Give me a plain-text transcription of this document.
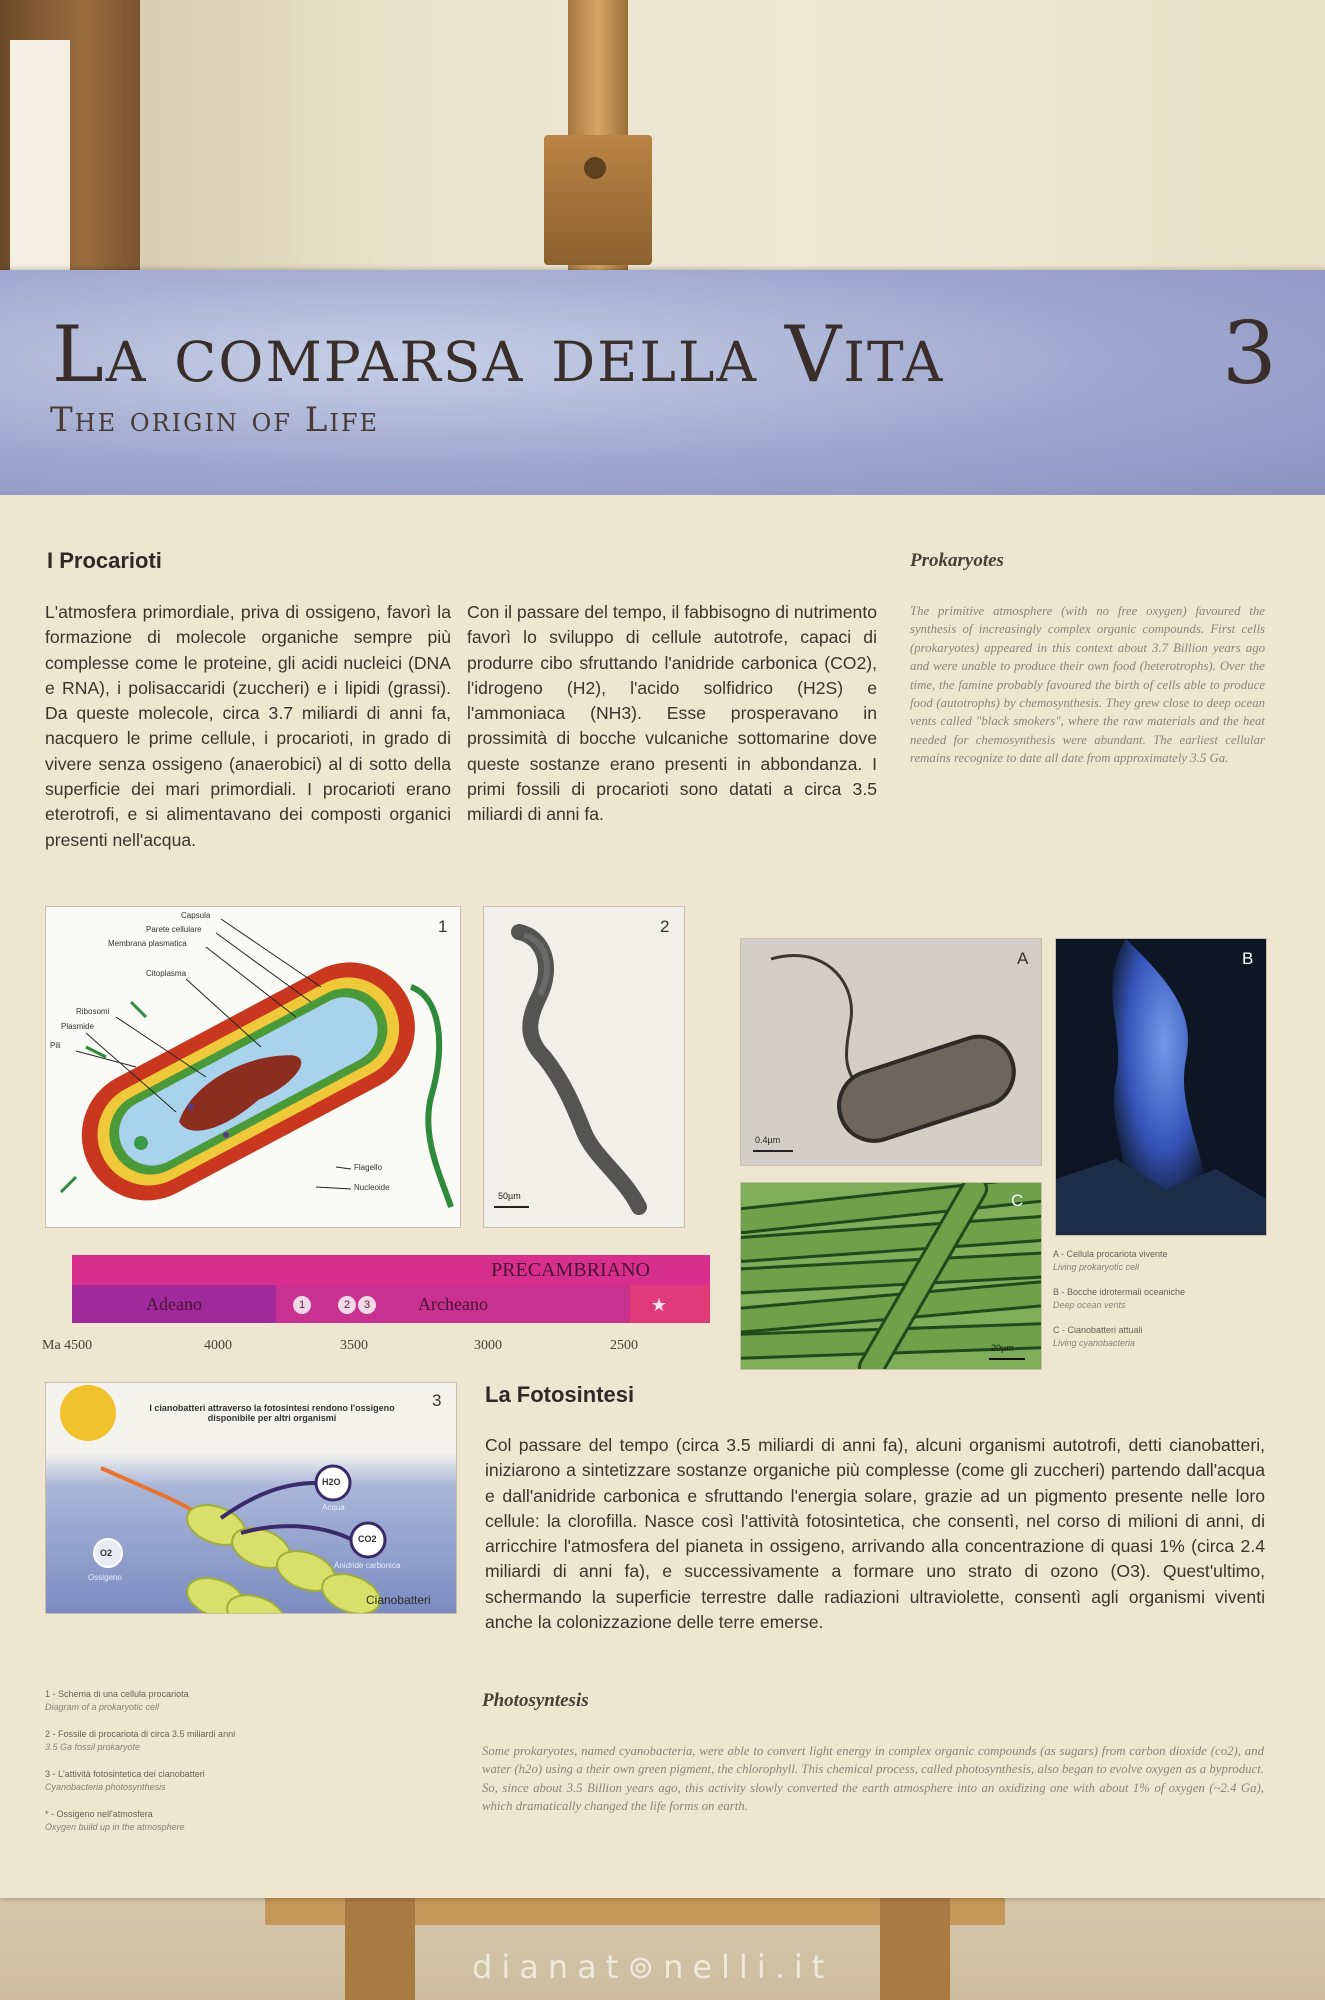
La comparsa della Vita	3
The origin of Life
I Procarioti
L'atmosfera primordiale, priva di ossigeno, favorì la formazione di molecole organiche sempre più complesse come le proteine, gli acidi nucleici (DNA e RNA), i polisaccaridi (zuccheri) e i lipidi (grassi). Da queste molecole, circa 3.7 miliardi di anni fa, nacquero le prime cellule, i procarioti, in grado di vivere senza ossigeno (anaerobici) al di sotto della superficie dei mari primordiali. I procarioti erano eterotrofi, e si alimentavano dei composti organici presenti nell'acqua.
Con il passare del tempo, il fabbisogno di nutrimento favorì lo sviluppo di cellule autotrofe, capaci di produrre cibo sfruttando l'anidride carbonica (CO2), l'idrogeno (H2), l'acido solfidrico (H2S) e l'ammoniaca (NH3). Esse prosperavano in prossimità di bocche vulcaniche sottomarine dove queste sostanze erano presenti in abbondanza. I primi fossili di procarioti sono datati a circa 3.5 miliardi di anni fa.
Prokaryotes
The primitive atmosphere (with no free oxygen) favoured the synthesis of increasingly complex organic compounds. First cells (prokaryotes) appeared in this context about 3.7 Billion years ago and were unable to produce their own food (heterotrophs). Over the time, the famine probably favoured the birth of cells able to produce food (autotrophs) by chemosynthesis. They grew close to deep ocean vents called "black smokers", where the raw materials and the heat needed for chemosynthesis were abundant. The earliest cellular remains recognize to date all date from approximately 3.5 Ga.
1
Capsula
Parete cellulare
Membrana plasmatica
Citoplasma
Ribosomi
Plasmide
Pili
Flagello
Nucleoide
2
50µm
A
0.4µm
B
C
20µm
A - Cellula procariota vivente
Living prokaryotic cell
B - Bocche idrotermali oceaniche
Deep ocean vents
C - Cianobatteri attuali
Living cyanobacteria
PRECAMBRIANO
Adeano	Archeano
1	2	3	★
Ma 4500	4000	3500	3000	2500
3
I cianobatteri attraverso la fotosintesi rendono l'ossigeno disponibile per altri organismi
H2O
Acqua
CO2
Anidride carbonica
O2
Ossigeno
Cianobatteri
La Fotosintesi
Col passare del tempo (circa 3.5 miliardi di anni fa), alcuni organismi autotrofi, detti cianobatteri, iniziarono a sintetizzare sostanze organiche più complesse (come gli zuccheri) partendo dall'acqua e dall'anidride carbonica e sfruttando l'energia solare, grazie ad un pigmento presente nelle loro cellule: la clorofilla. Nasce così l'attività fotosintetica, che consentì, nel corso di milioni di anni, di arricchire l'atmosfera del pianeta in ossigeno, arrivando alla concentrazione di quasi 1% (circa 2.4 miliardi di anni fa), e successivamente a formare uno strato di ozono (O3). Quest'ultimo, schermando la superficie terrestre dalle radiazioni ultraviolette, consentì agli organismi viventi anche la colonizzazione delle terre emerse.
Photosyntesis
Some prokaryotes, named cyanobacteria, were able to convert light energy in complex organic compounds (as sugars) from carbon dioxide (co2), and water (h2o) using a their own green pigment, the chlorophyll. This chemical process, called photosynthesis, also began to evolve oxygen as a byproduct. So, since about 3.5 Billion years ago, this activity slowly converted the earth atmosphere into an oxidizing one with about 1% of oxygen (~2.4 Ga), which dramatically changed the life forms on earth.
1 - Schema di una cellula procariota
Diagram of a prokaryotic cell
2 - Fossile di procariota di circa 3.5 miliardi anni
3.5 Ga fossil prokaryote
3 - L'attività fotosintetica dei cianobatteri
Cyanobacteria photosynthesis
* - Ossigeno nell'atmosfera
Oxygen build up in the atmosphere
dianat⊚nelli.it
